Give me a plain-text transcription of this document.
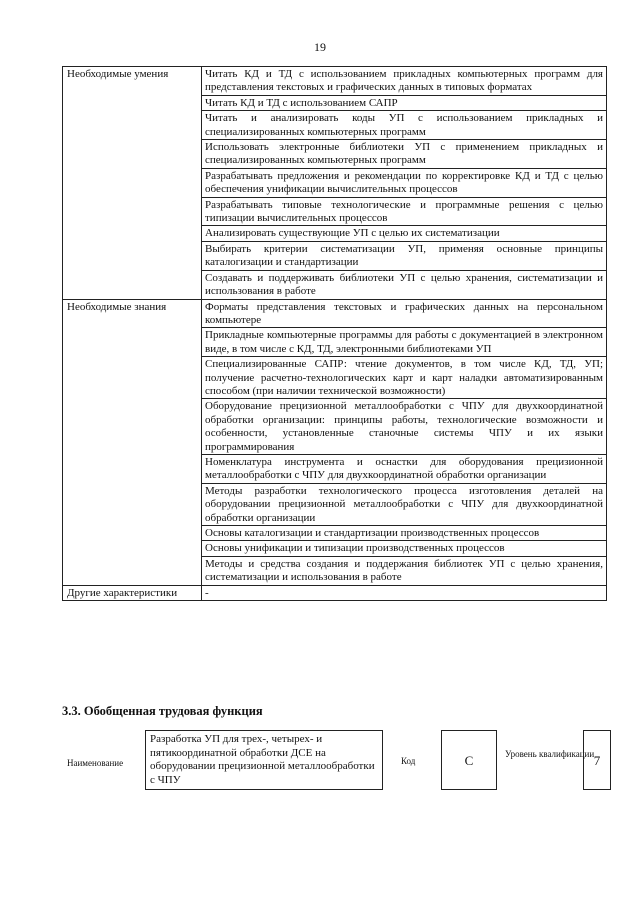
19
Необходимые умения	Читать КД и ТД с использованием прикладных компьютерных программ для представления текстовых и графических данных в типовых форматах
	Читать КД и ТД с использованием САПР
	Читать и анализировать коды УП с использованием прикладных и специализированных компьютерных программ
	Использовать электронные библиотеки УП с применением прикладных и специализированных компьютерных программ
	Разрабатывать предложения и рекомендации по корректировке КД и ТД с целью обеспечения унификации вычислительных процессов
	Разрабатывать типовые технологические и программные решения с целью типизации вычислительных процессов
	Анализировать существующие УП с целью их систематизации
	Выбирать критерии систематизации УП, применяя основные принципы каталогизации и стандартизации
	Создавать и поддерживать библиотеки УП с целью хранения, систематизации и использования в работе
Необходимые знания	Форматы представления текстовых и графических данных на персональном компьютере
	Прикладные компьютерные программы для работы с документацией в электронном виде, в том числе с КД, ТД, электронными библиотеками УП
	Специализированные САПР: чтение документов, в том числе КД, ТД, УП; получение расчетно-технологических карт и карт наладки автоматизированным способом (при наличии технической возможности)
	Оборудование прецизионной металлообработки с ЧПУ для двухкоординатной обработки организации: принципы работы, технологические возможности и особенности, установленные станочные системы ЧПУ и их языки программирования
	Номенклатура инструмента и оснастки для оборудования прецизионной металлообработки с ЧПУ для двухкоординатной обработки организации
	Методы разработки технологического процесса изготовления деталей на оборудовании прецизионной металлообработки с ЧПУ для двухкоординатной обработки организации
	Основы каталогизации и стандартизации производственных процессов
	Основы унификации и типизации производственных процессов
	Методы и средства создания и поддержания библиотек УП с целью хранения, систематизации и использования в работе
Другие характеристики	-
3.3. Обобщенная трудовая функция
Наименование
Разработка УП для трех-, четырех- и пятикоординатной обработки ДСЕ на оборудовании прецизионной металлообработки с ЧПУ
Код	C	Уровень квалификации 7
